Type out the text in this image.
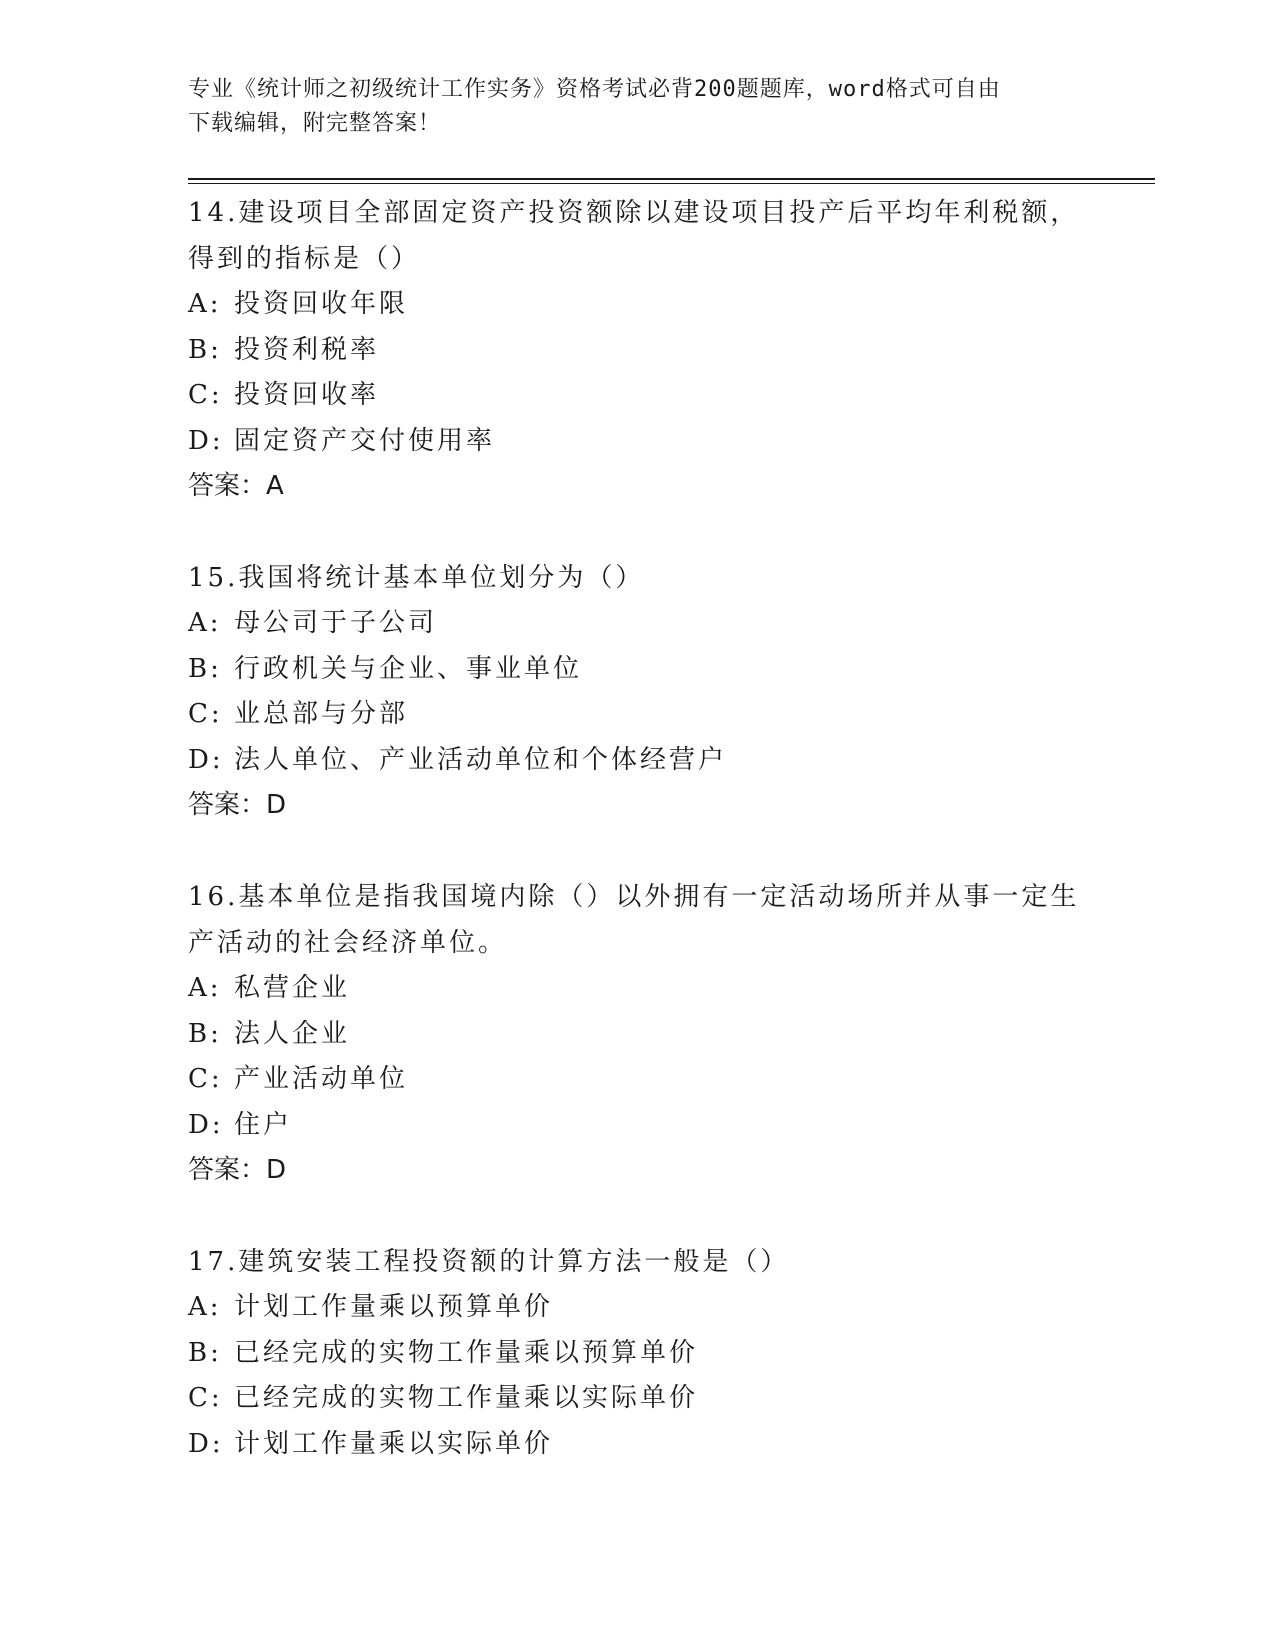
专业《统计师之初级统计工作实务》资格考试必背200题题库，word格式可自由
下载编辑，附完整答案！
14.建设项目全部固定资产投资额除以建设项目投产后平均年利税额，
得到的指标是（）
A: 投资回收年限
B: 投资利税率
C: 投资回收率
D: 固定资产交付使用率
答案：A
15.我国将统计基本单位划分为（）
A: 母公司于子公司
B: 行政机关与企业、事业单位
C: 业总部与分部
D: 法人单位、产业活动单位和个体经营户
答案：D
16.基本单位是指我国境内除（）以外拥有一定活动场所并从事一定生
产活动的社会经济单位。
A: 私营企业
B: 法人企业
C: 产业活动单位
D: 住户
答案：D
17.建筑安装工程投资额的计算方法一般是（）
A: 计划工作量乘以预算单价
B: 已经完成的实物工作量乘以预算单价
C: 已经完成的实物工作量乘以实际单价
D: 计划工作量乘以实际单价
